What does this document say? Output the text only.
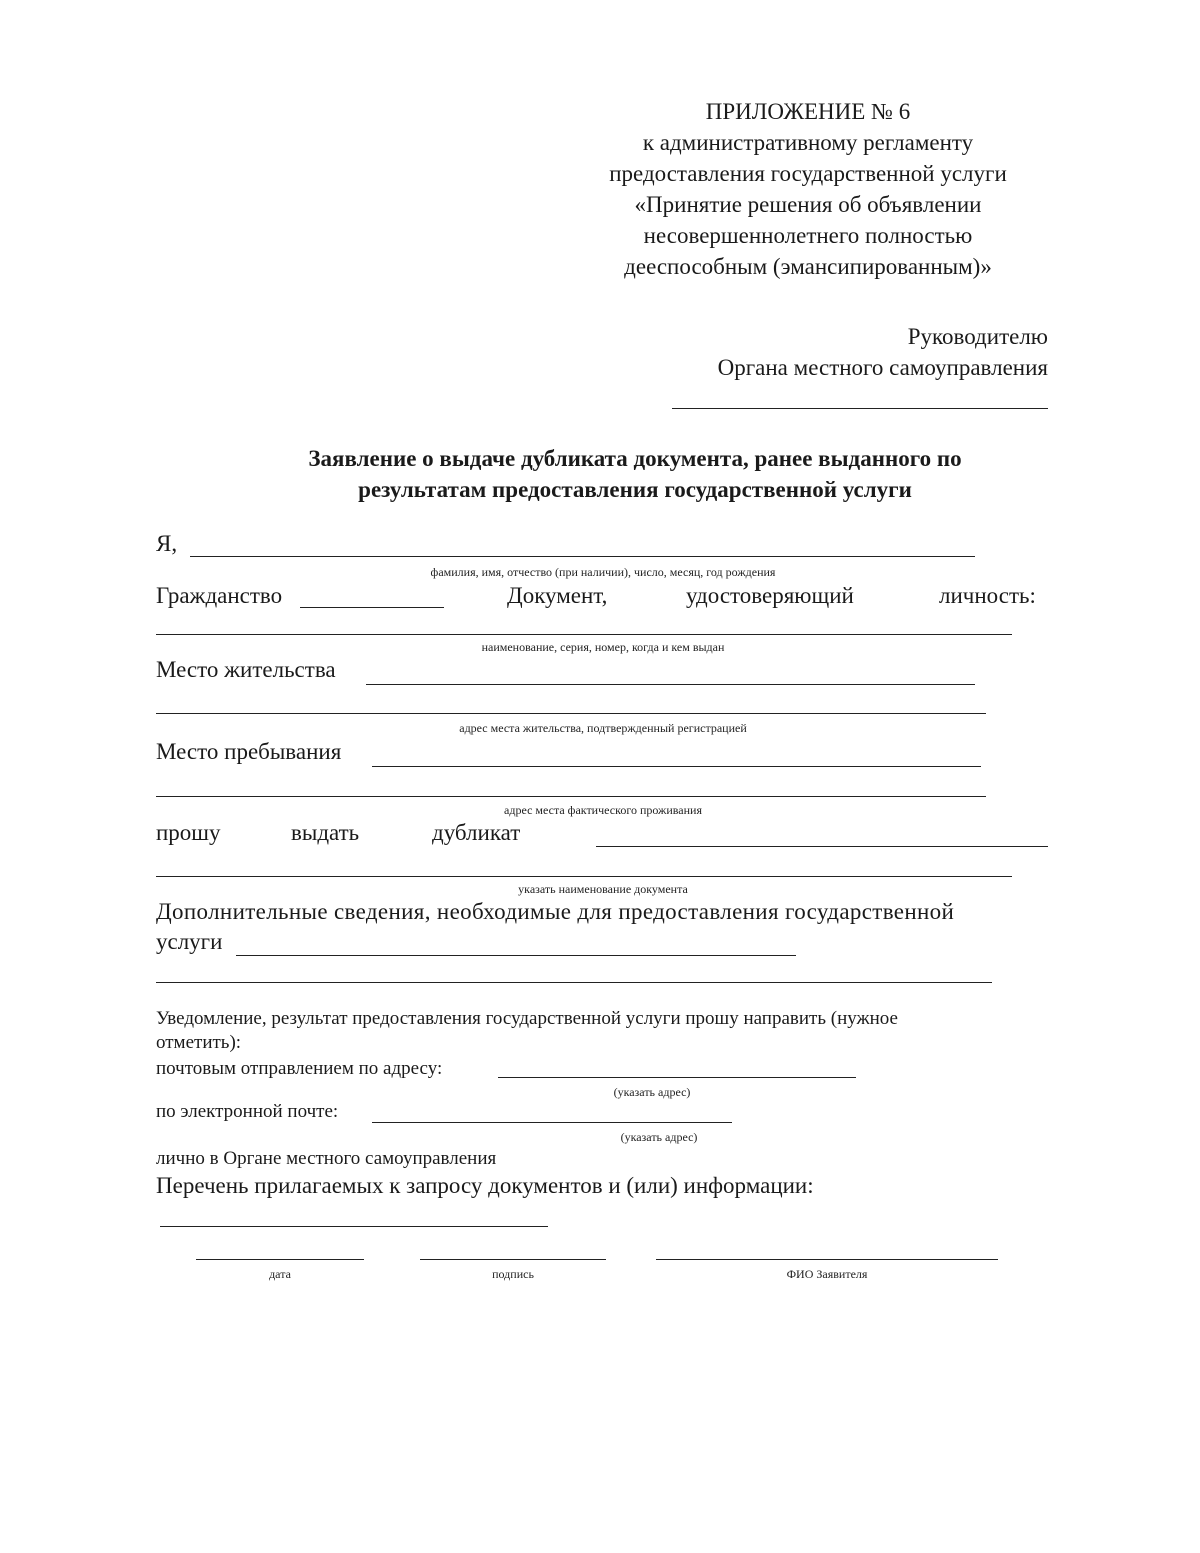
ПРИЛОЖЕНИЕ № 6
к административному регламенту
предоставления государственной услуги
«Принятие решения об объявлении
несовершеннолетнего полностью
дееспособным (эмансипированным)»
Руководителю
Органа местного самоуправления
Заявление о выдаче дубликата документа, ранее выданного по
результатам предоставления государственной услуги
Я,
фамилия, имя, отчество (при наличии), число, месяц, год рождения
Гражданство	Документ,	удостоверяющий	личность:
наименование, серия, номер, когда и кем выдан
Место жительства
адрес места жительства, подтвержденный регистрацией
Место пребывания
адрес места фактического проживания
прошу	выдать	дубликат
указать наименование документа
Дополнительные сведения, необходимые для предоставления государственной
услуги
Уведомление, результат предоставления государственной услуги прошу направить (нужное
отметить):
почтовым отправлением по адресу:
(указать адрес)
по электронной почте:
(указать адрес)
лично в Органе местного самоуправления
Перечень прилагаемых к запросу документов и (или) информации:
дата	подпись	ФИО Заявителя
